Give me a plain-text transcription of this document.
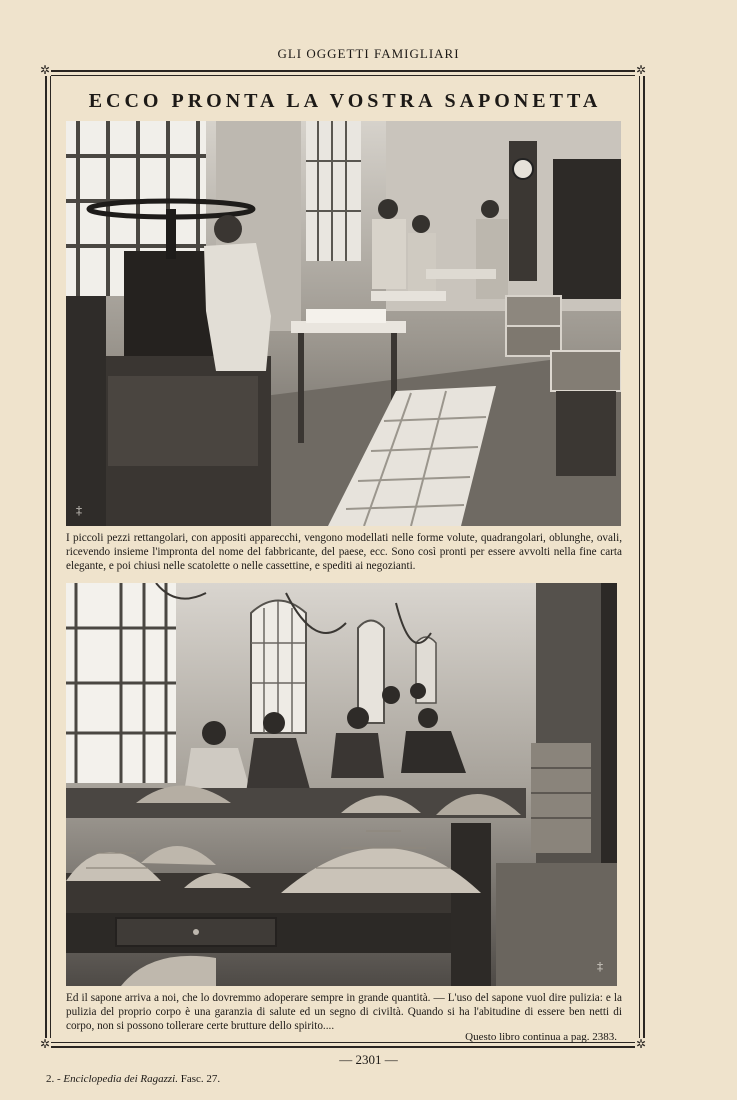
GLI OGGETTI FAMIGLIARI
✲	✲
✲	✲
ECCO PRONTA LA VOSTRA SAPONETTA
‡
I piccoli pezzi rettangolari, con appositi apparecchi, vengono modellati nelle forme volute, quadrangolari, oblunghe, ovali, ricevendo insieme l'impronta del nome del fabbricante, del paese, ecc. Sono così pronti per essere avvolti nella fine carta elegante, e poi chiusi nelle scatolette o nelle cassettine, e spediti ai negozianti.
‡
Ed il sapone arriva a noi, che lo dovremmo adoperare sempre in grande quantità. — L'uso del sapone vuol dire pulizia: e la pulizia del proprio corpo è una garanzia di salute ed un segno di civiltà. Quando si ha l'abitudine di essere ben netti di corpo, non si possono tollerare certe brutture dello spirito....
Questo libro continua a pag. 2383.
— 2301 —
2. - Enciclopedia dei Ragazzi. Fasc. 27.
